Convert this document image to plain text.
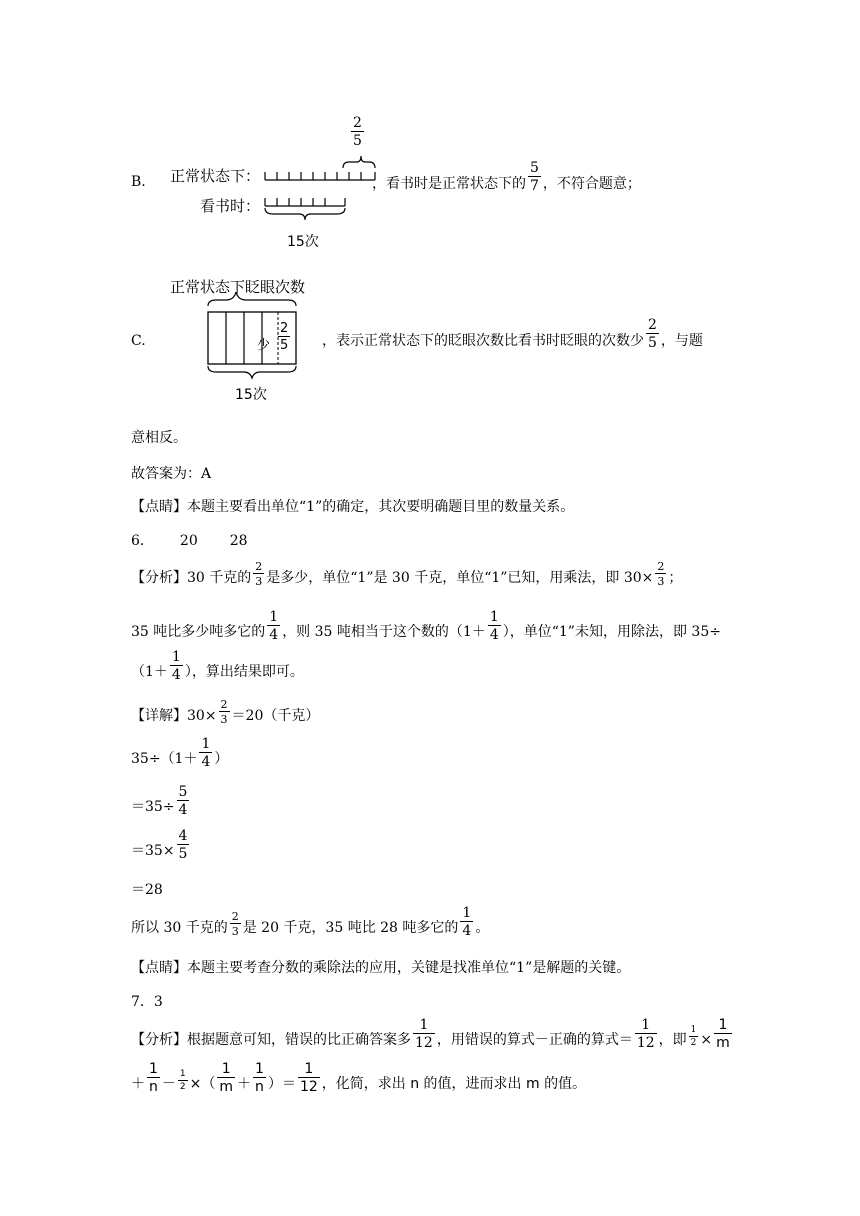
B. 正常状态下：
看书时：
$\frac{2}{5}$
15次
，看书时是正常状态下的 $\frac{5}{7}$ ，不符合题意；
C.
正常状态下眨眼次数
少 $\frac{2}{5}$
15次
，表示正常状态下的眨眼次数比看书时眨眼的次数少 $\frac{2}{5}$ ，与题
意相反。
故答案为：A
【点睛】本题主要看出单位“1”的确定，其次要明确题目里的数量关系。
6． 20 28
【分析】30 千克的 $\frac{2}{3}$ 是多少，单位“1”是 30 千克，单位“1”已知，用乘法，即 $30\times \frac{2}{3}$ ；
35 吨比多少吨多它的 $\frac{1}{4}$ ，则 35 吨相当于这个数的（$1+ \frac{1}{4}$ ），单位“1”未知，用除法，即 35÷
（$1+ \frac{1}{4}$ ），算出结果即可。
【详解】$30\times \frac{2}{3} =20$（千克）
$35\div(1+ \frac{1}{4}$ ）
$=35\div \frac{5}{4}$
$=35\times \frac{4}{5}$
＝28
所以 30 千克的 $\frac{2}{3}$ 是 20 千克，35 吨比 28 吨多它的 $\frac{1}{4}$ 。
【点睛】本题主要考查分数的乘除法的应用，关键是找准单位“1”是解题的关键。
7．3
【分析】根据题意可知，错误的比正确答案多 $\frac{1}{12}$ ，用错误的算式－正确的算式＝ $\frac{1}{12}$ ，即 $\frac{1}{2} \times \frac{1}{m}$
＋ $\frac{1}{n} - \frac{1}{2}$ ×（ $\frac{1}{m} + \frac{1}{n}$ ）＝ $\frac{1}{12}$ ，化简，求出 n 的值，进而求出 m 的值。
